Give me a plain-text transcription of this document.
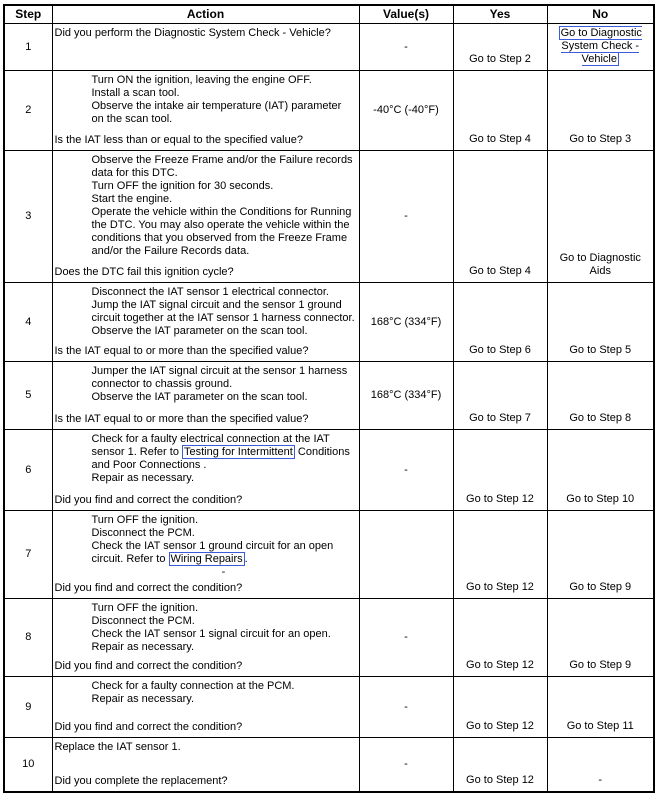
Step	Action	Value(s)	Yes	No
1	Did you perform the Diagnostic System Check - Vehicle?	-	Go to Step 2	Go to Diagnostic System Check - Vehicle
2	Turn ON the ignition, leaving the engine OFF.
Install a scan tool.
Observe the intake air temperature (IAT) parameter on the scan tool.
Is the IAT less than or equal to the specified value?	-40°C (-40°F)	Go to Step 4	Go to Step 3
3	Observe the Freeze Frame and/or the Failure records data for this DTC.
Turn OFF the ignition for 30 seconds.
Start the engine.
Operate the vehicle within the Conditions for Running the DTC. You may also operate the vehicle within the conditions that you observed from the Freeze Frame and/or the Failure Records data.
Does the DTC fail this ignition cycle?	-	Go to Step 4	Go to Diagnostic Aids
4	Disconnect the IAT sensor 1 electrical connector.
Jump the IAT signal circuit and the sensor 1 ground circuit together at the IAT sensor 1 harness connector.
Observe the IAT parameter on the scan tool.
Is the IAT equal to or more than the specified value?	168°C (334°F)	Go to Step 6	Go to Step 5
5	Jumper the IAT signal circuit at the sensor 1 harness connector to chassis ground.
Observe the IAT parameter on the scan tool.
Is the IAT equal to or more than the specified value?	168°C (334°F)	Go to Step 7	Go to Step 8
6	Check for a faulty electrical connection at the IAT sensor 1. Refer to Testing for Intermittent Conditions and Poor Connections .
Repair as necessary.
Did you find and correct the condition?	-	Go to Step 12	Go to Step 10
7	Turn OFF the ignition.
Disconnect the PCM.
Check the IAT sensor 1 ground circuit for an open circuit. Refer to Wiring Repairs .
-
Did you find and correct the condition?		Go to Step 12	Go to Step 9
8	Turn OFF the ignition.
Disconnect the PCM.
Check the IAT sensor 1 signal circuit for an open.
Repair as necessary.
Did you find and correct the condition?	-	Go to Step 12	Go to Step 9
9	Check for a faulty connection at the PCM.
Repair as necessary.
Did you find and correct the condition?	-	Go to Step 12	Go to Step 11
10	Replace the IAT sensor 1.
Did you complete the replacement?	-	Go to Step 12	-
